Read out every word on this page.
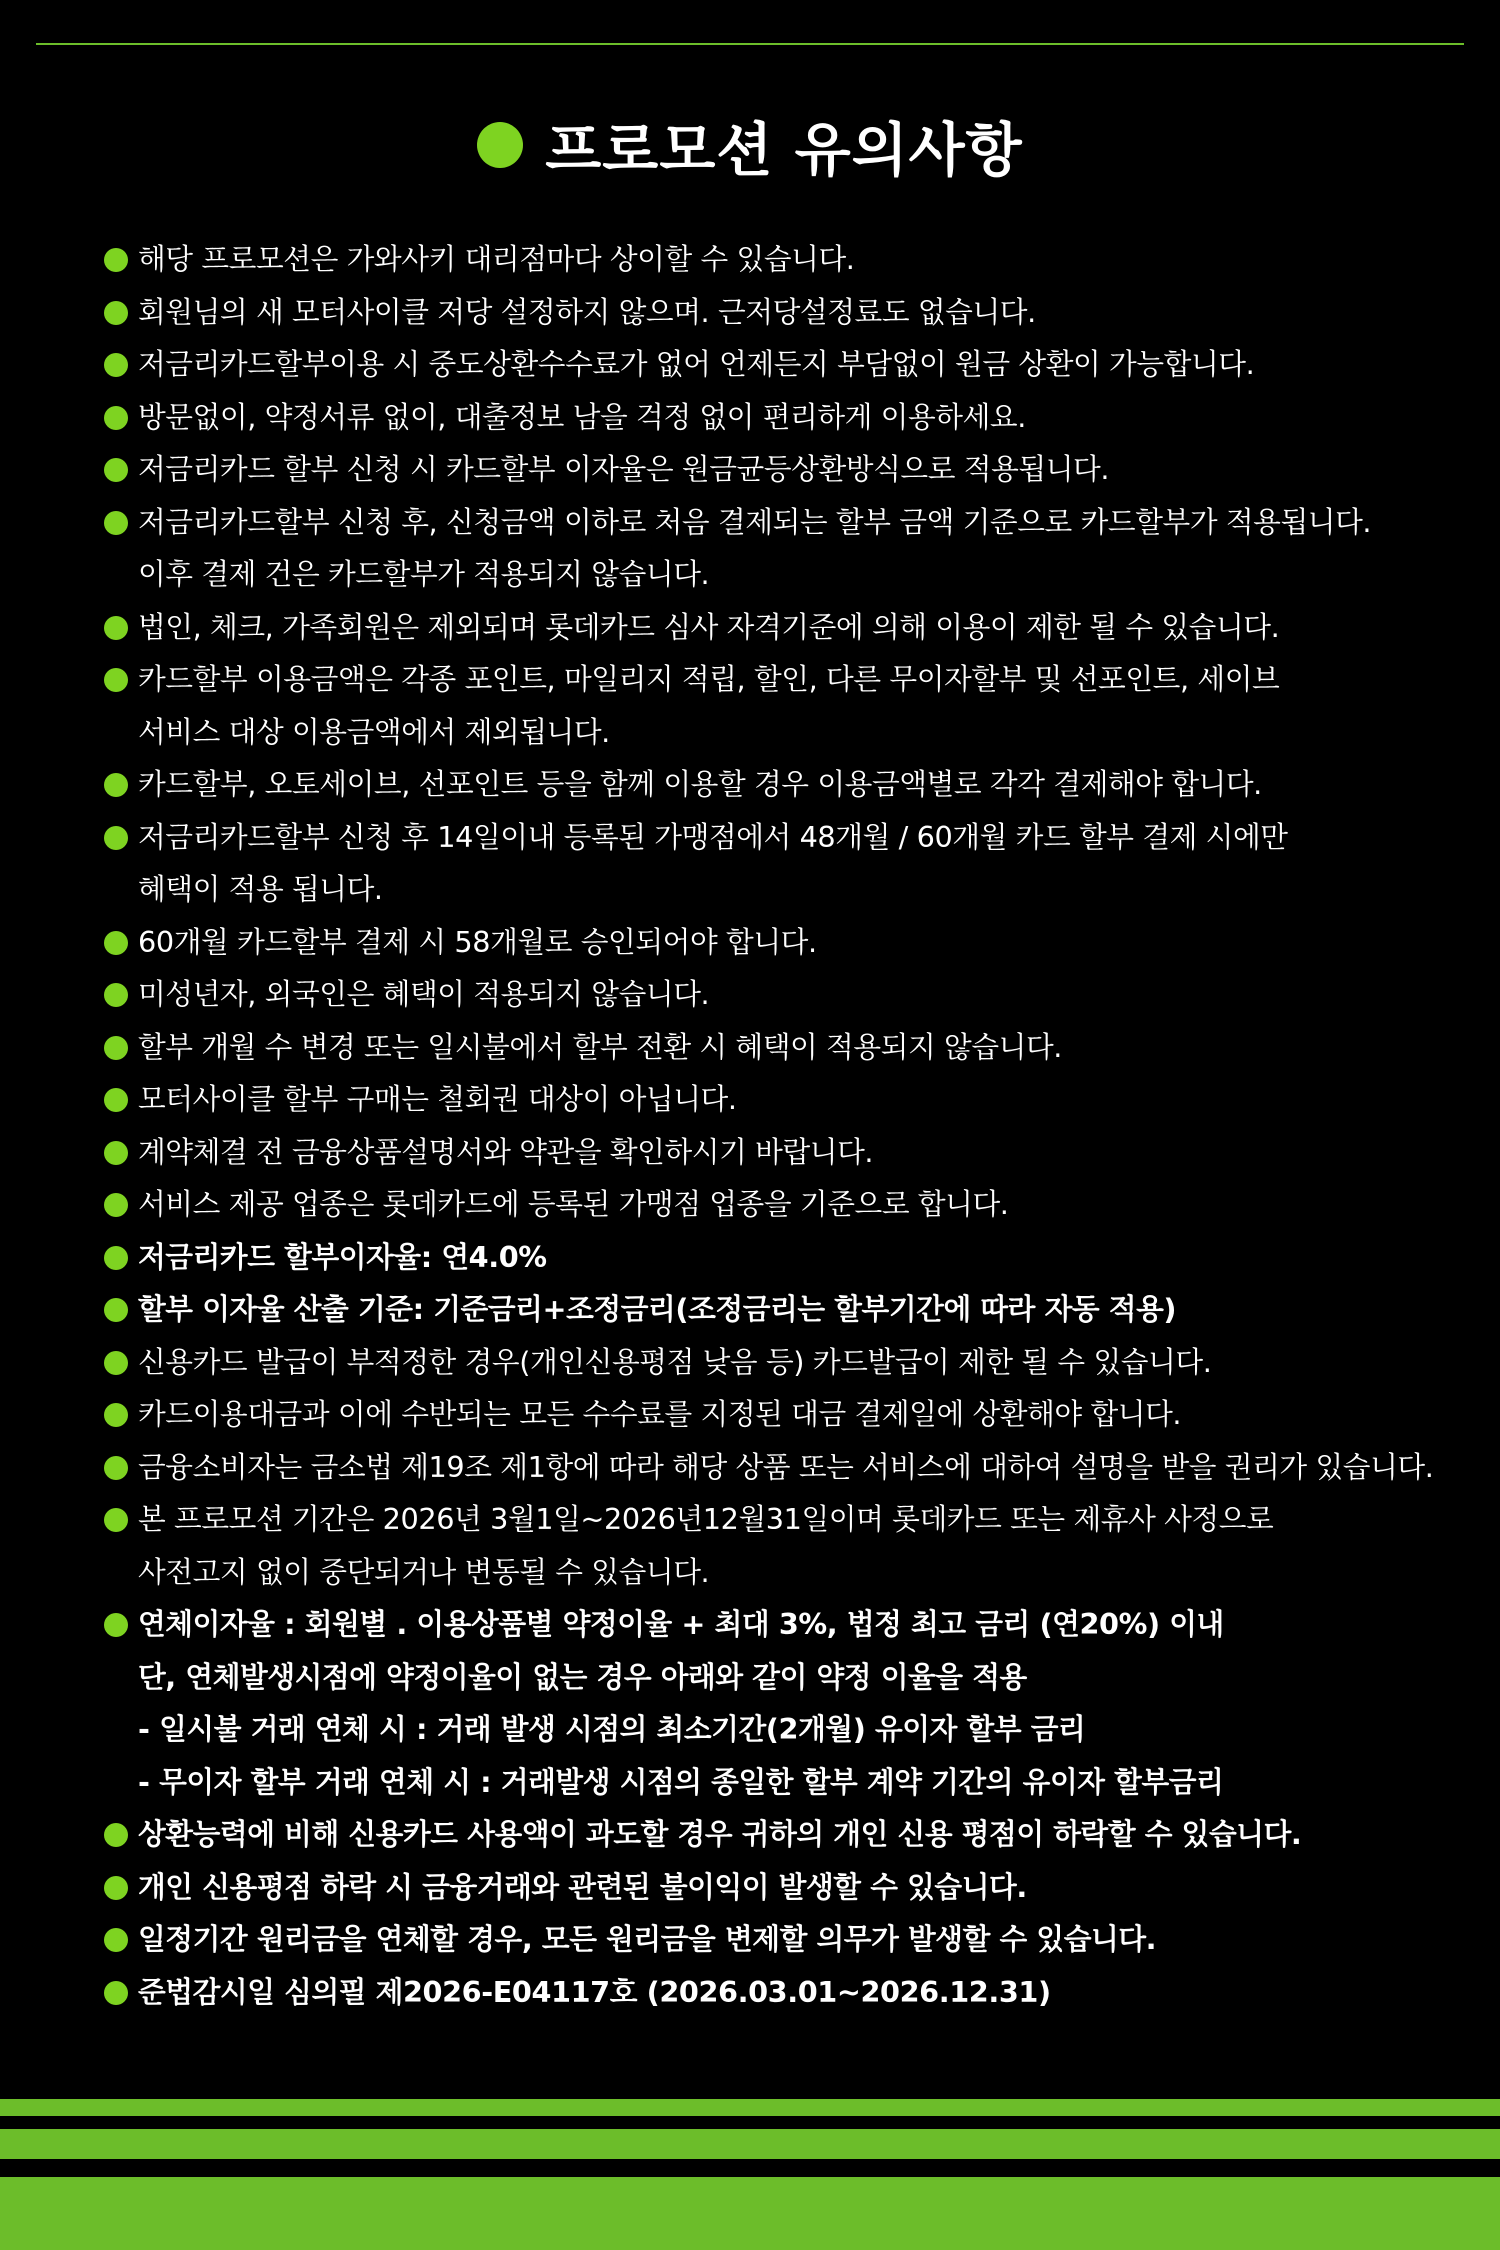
프로모션 유의사항
해당 프로모션은 가와사키 대리점마다 상이할 수 있습니다.
회원님의 새 모터사이클 저당 설정하지 않으며. 근저당설정료도 없습니다.
저금리카드할부이용 시 중도상환수수료가 없어 언제든지 부담없이 원금 상환이 가능합니다.
방문없이, 약정서류 없이, 대출정보 남을 걱정 없이 편리하게 이용하세요.
저금리카드 할부 신청 시 카드할부 이자율은 원금균등상환방식으로 적용됩니다.
저금리카드할부 신청 후, 신청금액 이하로 처음 결제되는 할부 금액 기준으로 카드할부가 적용됩니다.
이후 결제 건은 카드할부가 적용되지 않습니다.
법인, 체크, 가족회원은 제외되며 롯데카드 심사 자격기준에 의해 이용이 제한 될 수 있습니다.
카드할부 이용금액은 각종 포인트, 마일리지 적립, 할인, 다른 무이자할부 및 선포인트, 세이브
서비스 대상 이용금액에서 제외됩니다.
카드할부, 오토세이브, 선포인트 등을 함께 이용할 경우 이용금액별로 각각 결제해야 합니다.
저금리카드할부 신청 후 14일이내 등록된 가맹점에서 48개월 / 60개월 카드 할부 결제 시에만
혜택이 적용 됩니다.
60개월 카드할부 결제 시 58개월로 승인되어야 합니다.
미성년자, 외국인은 혜택이 적용되지 않습니다.
할부 개월 수 변경 또는 일시불에서 할부 전환 시 혜택이 적용되지 않습니다.
모터사이클 할부 구매는 철회권 대상이 아닙니다.
계약체결 전 금융상품설명서와 약관을 확인하시기 바랍니다.
서비스 제공 업종은 롯데카드에 등록된 가맹점 업종을 기준으로 합니다.
저금리카드 할부이자율: 연4.0%
할부 이자율 산출 기준: 기준금리+조정금리(조정금리는 할부기간에 따라 자동 적용)
신용카드 발급이 부적정한 경우(개인신용평점 낮음 등) 카드발급이 제한 될 수 있습니다.
카드이용대금과 이에 수반되는 모든 수수료를 지정된 대금 결제일에 상환해야 합니다.
금융소비자는 금소법 제19조 제1항에 따라 해당 상품 또는 서비스에 대하여 설명을 받을 권리가 있습니다.
본 프로모션 기간은 2026년 3월1일~2026년12월31일이며 롯데카드 또는 제휴사 사정으로
사전고지 없이 중단되거나 변동될 수 있습니다.
연체이자율 : 회원별 . 이용상품별 약정이율 + 최대 3%, 법정 최고 금리 (연20%) 이내
단, 연체발생시점에 약정이율이 없는 경우 아래와 같이 약정 이율을 적용
- 일시불 거래 연체 시 : 거래 발생 시점의 최소기간(2개월) 유이자 할부 금리
- 무이자 할부 거래 연체 시 : 거래발생 시점의 종일한 할부 계약 기간의 유이자 할부금리
상환능력에 비해 신용카드 사용액이 과도할 경우 귀하의 개인 신용 평점이 하락할 수 있습니다.
개인 신용평점 하락 시 금융거래와 관련된 불이익이 발생할 수 있습니다.
일정기간 원리금을 연체할 경우, 모든 원리금을 변제할 의무가 발생할 수 있습니다.
준법감시일 심의필 제2026-E04117호 (2026.03.01~2026.12.31)
